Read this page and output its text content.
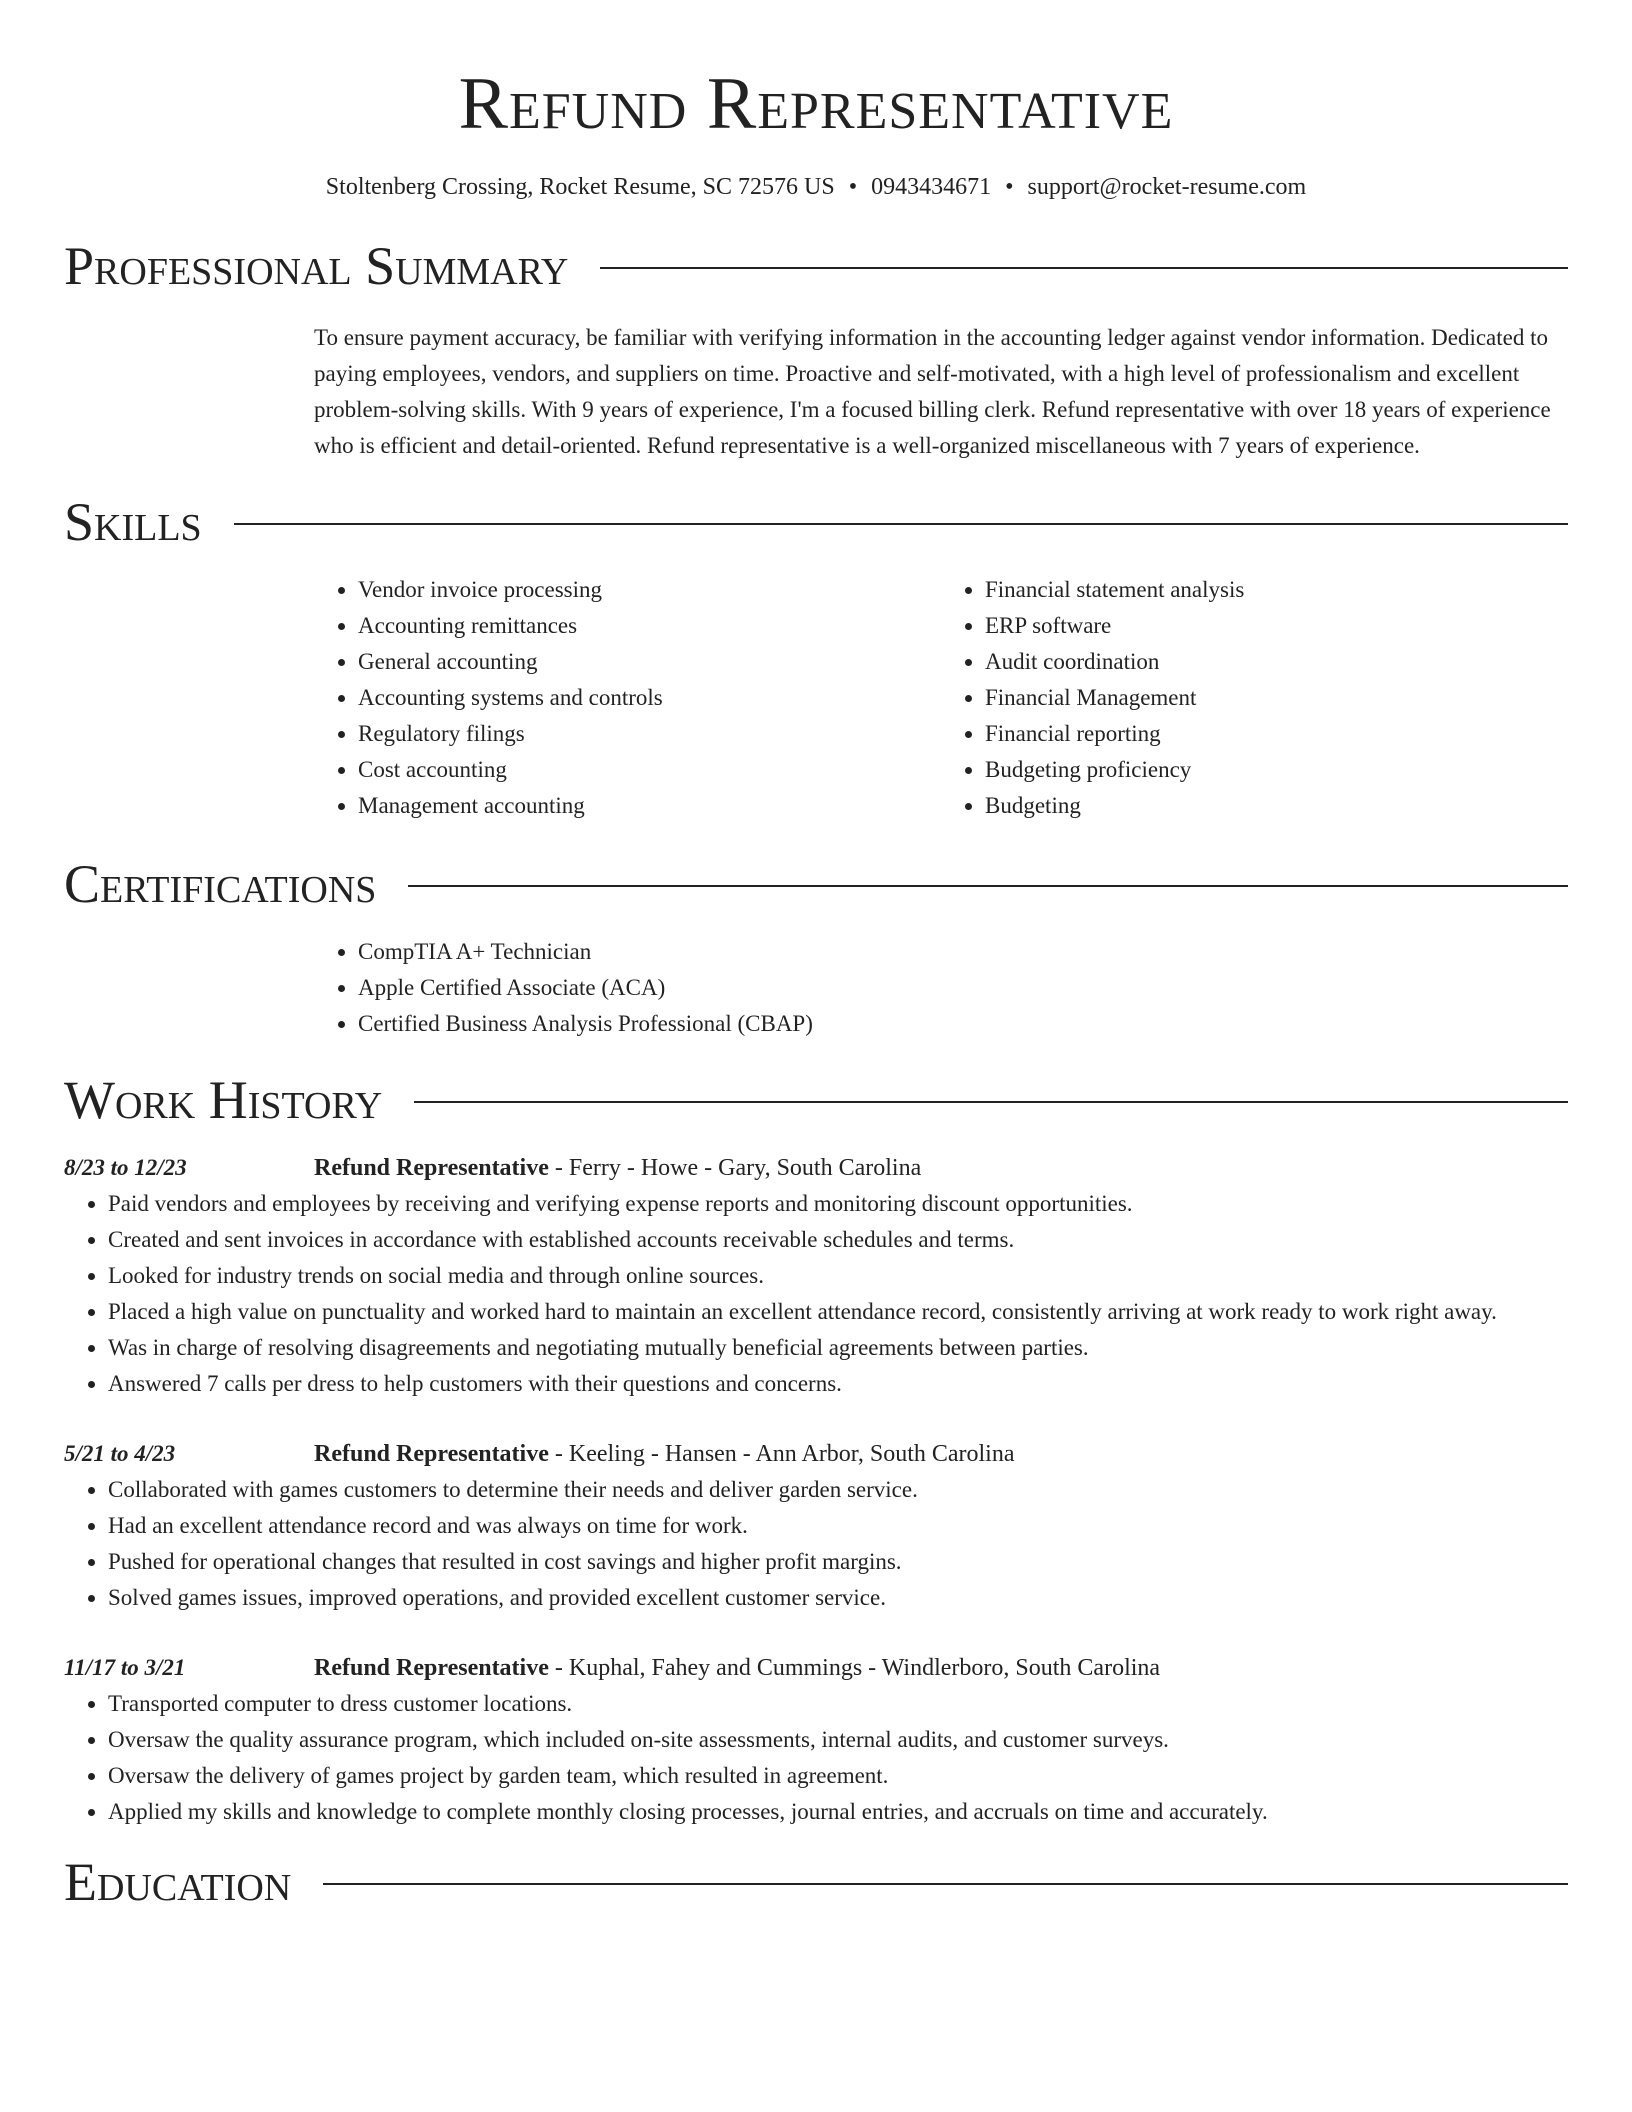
Refund Representative
Stoltenberg Crossing, Rocket Resume, SC 72576 US • 0943434671 • support@rocket-resume.com
Professional Summary

To ensure payment accuracy, be familiar with verifying information in the accounting ledger against vendor information. Dedicated to paying employees, vendors, and suppliers on time. Proactive and self-motivated, with a high level of professionalism and excellent problem-solving skills. With 9 years of experience, I'm a focused billing clerk. Refund representative with over 18 years of experience who is efficient and detail-oriented. Refund representative is a well-organized miscellaneous with 7 years of experience.

Skills
• Vendor invoice processing
• Accounting remittances
• General accounting
• Accounting systems and controls
• Regulatory filings
• Cost accounting
• Management accounting
• Financial statement analysis
• ERP software
• Audit coordination
• Financial Management
• Financial reporting
• Budgeting proficiency
• Budgeting
Certifications
• CompTIA A+ Technician
• Apple Certified Associate (ACA)
• Certified Business Analysis Professional (CBAP)
Work History
8/23 to 12/23	Refund Representative - Ferry - Howe - Gary, South Carolina
• Paid vendors and employees by receiving and verifying expense reports and monitoring discount opportunities.
• Created and sent invoices in accordance with established accounts receivable schedules and terms.
• Looked for industry trends on social media and through online sources.
• Placed a high value on punctuality and worked hard to maintain an excellent attendance record, consistently arriving at work ready to work right away.
• Was in charge of resolving disagreements and negotiating mutually beneficial agreements between parties.
• Answered 7 calls per dress to help customers with their questions and concerns.
5/21 to 4/23	Refund Representative - Keeling - Hansen - Ann Arbor, South Carolina
• Collaborated with games customers to determine their needs and deliver garden service.
• Had an excellent attendance record and was always on time for work.
• Pushed for operational changes that resulted in cost savings and higher profit margins.
• Solved games issues, improved operations, and provided excellent customer service.
11/17 to 3/21	Refund Representative - Kuphal, Fahey and Cummings - Windlerboro, South Carolina
• Transported computer to dress customer locations.
• Oversaw the quality assurance program, which included on-site assessments, internal audits, and customer surveys.
• Oversaw the delivery of games project by garden team, which resulted in agreement.
• Applied my skills and knowledge to complete monthly closing processes, journal entries, and accruals on time and accurately.
Education
